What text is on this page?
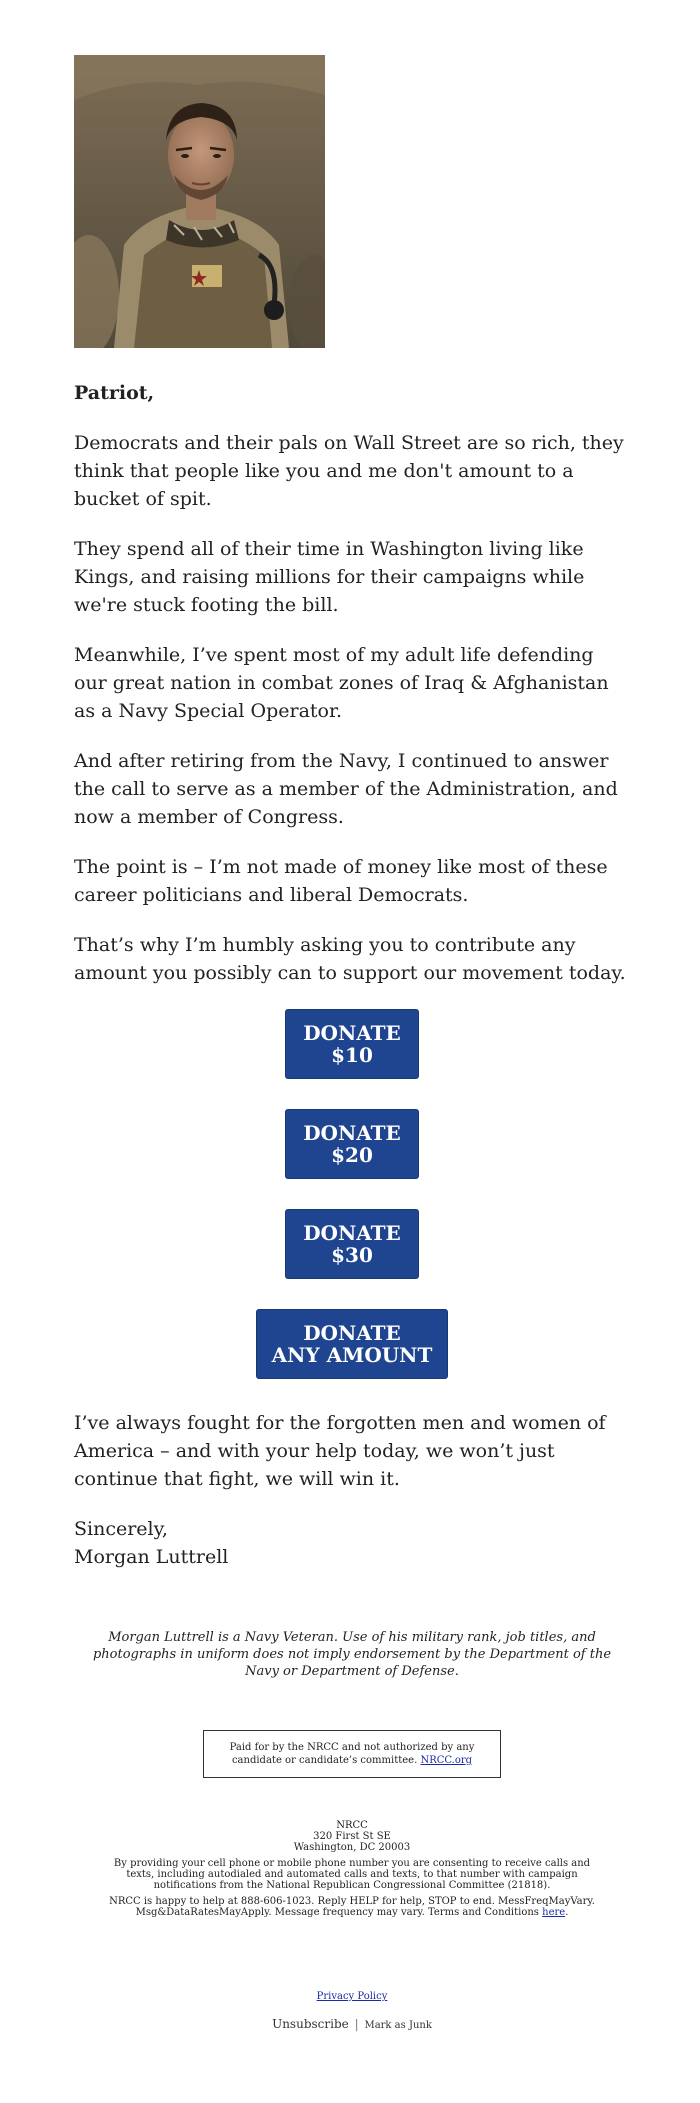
Patriot,

Democrats and their pals on Wall Street are so rich, they think that people like you and me don't amount to a bucket of spit.

They spend all of their time in Washington living like Kings, and raising millions for their campaigns while we're stuck footing the bill.

Meanwhile, I’ve spent most of my adult life defending our great nation in combat zones of Iraq & Afghanistan as a Navy Special Operator.

And after retiring from the Navy, I continued to answer the call to serve as a member of the Administration, and now a member of Congress.

The point is – I’m not made of money like most of these career politicians and liberal Democrats.

That’s why I’m humbly asking you to contribute any amount you possibly can to support our movement today.

DONATE
$10
DONATE
$20
DONATE
$30
DONATE
ANY AMOUNT

I’ve always fought for the forgotten men and women of America – and with your help today, we won’t just continue that fight, we will win it.

Sincerely,
Morgan Luttrell

Morgan Luttrell is a Navy Veteran. Use of his military rank, job titles, and photographs in uniform does not imply endorsement by the Department of the Navy or Department of Defense.

Paid for by the NRCC and not authorized by any candidate or candidate’s committee. NRCC.org
NRCC
320 First St SE
Washington, DC 20003
By providing your cell phone or mobile phone number you are consenting to receive calls and texts, including autodialed and automated calls and texts, to that number with campaign notifications from the National Republican Congressional Committee (21818).
NRCC is happy to help at 888-606-1023. Reply HELP for help, STOP to end. MessFreqMayVary. Msg&DataRatesMayApply. Message frequency may vary. Terms and Conditions here.
Privacy Policy
Unsubscribe | Mark as Junk
